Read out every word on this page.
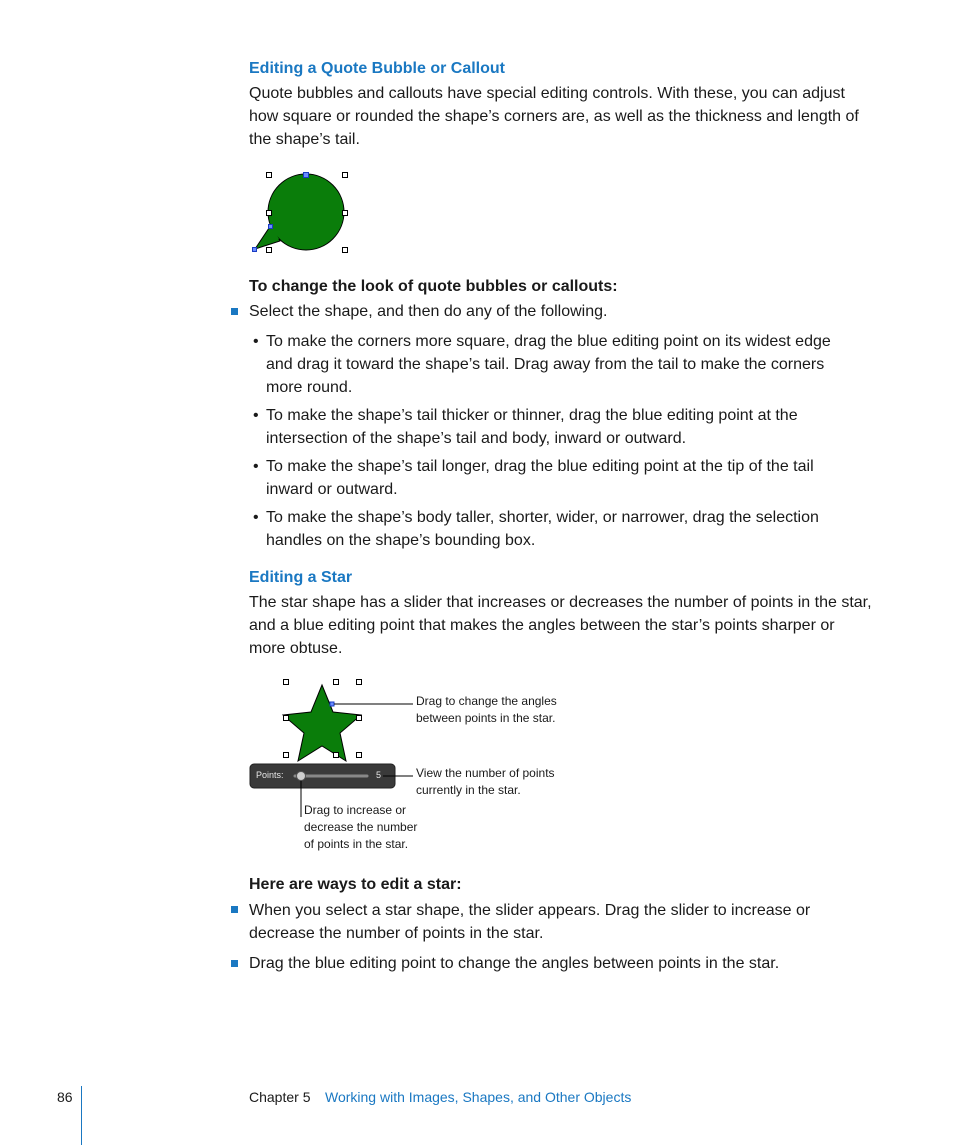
Editing a Quote Bubble or Callout
Quote bubbles and callouts have special editing controls. With these, you can adjust
how square or rounded the shape’s corners are, as well as the thickness and length of
the shape’s tail.
To change the look of quote bubbles or callouts:
Select the shape, and then do any of the following.
• To make the corners more square, drag the blue editing point on its widest edge
and drag it toward the shape’s tail. Drag away from the tail to make the corners
more round.
• To make the shape’s tail thicker or thinner, drag the blue editing point at the
intersection of the shape’s tail and body, inward or outward.
• To make the shape’s tail longer, drag the blue editing point at the tip of the tail
inward or outward.
• To make the shape’s body taller, shorter, wider, or narrower, drag the selection
handles on the shape’s bounding box.
Editing a Star
The star shape has a slider that increases or decreases the number of points in the star,
and a blue editing point that makes the angles between the star’s points sharper or
more obtuse.
Points:	5
Drag to change the angles
between points in the star.
View the number of points
currently in the star.
Drag to increase or
decrease the number
of points in the star.
Here are ways to edit a star:
When you select a star shape, the slider appears. Drag the slider to increase or
decrease the number of points in the star.
Drag the blue editing point to change the angles between points in the star.
86	Chapter 5 Working with Images, Shapes, and Other Objects
